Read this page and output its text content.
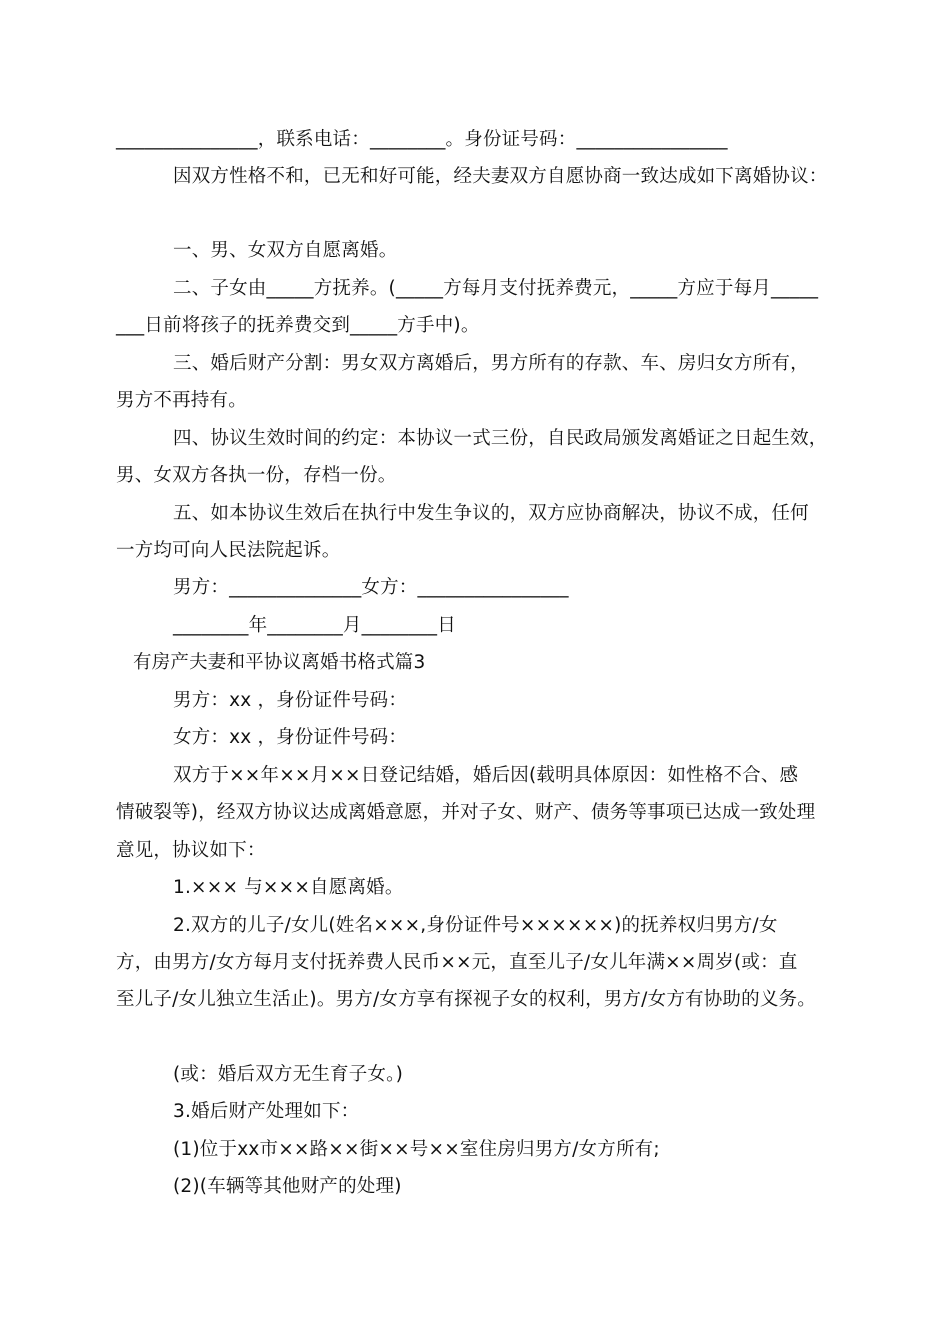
_______________，联系电话：________。身份证号码：________________

因双方性格不和，已无和好可能，经夫妻双方自愿协商一致达成如下离婚协议：

一、男、女双方自愿离婚。

二、子女由_____方抚养。(_____方每月支付抚养费元，_____方应于每月_____

___日前将孩子的抚养费交到_____方手中)。

三、婚后财产分割：男女双方离婚后，男方所有的存款、车、房归女方所有，

男方不再持有。

四、协议生效时间的约定：本协议一式三份，自民政局颁发离婚证之日起生效，

男、女双方各执一份，存档一份。

五、如本协议生效后在执行中发生争议的，双方应协商解决，协议不成，任何

一方均可向人民法院起诉。

男方：______________女方：________________

________年________月________日

有房产夫妻和平协议离婚书格式篇3

男方：xx ，身份证件号码：

女方：xx ，身份证件号码：

双方于××年××月××日登记结婚，婚后因(载明具体原因：如性格不合、感

情破裂等)，经双方协议达成离婚意愿，并对子女、财产、债务等事项已达成一致处理

意见，协议如下：

1.××× 与×××自愿离婚。

2.双方的儿子/女儿(姓名×××,身份证件号××××××)的抚养权归男方/女

方，由男方/女方每月支付抚养费人民币××元，直至儿子/女儿年满××周岁(或：直

至儿子/女儿独立生活止)。男方/女方享有探视子女的权利，男方/女方有协助的义务。

(或：婚后双方无生育子女。)

3.婚后财产处理如下：

(1)位于xx市××路××街××号××室住房归男方/女方所有;

(2)(车辆等其他财产的处理)
